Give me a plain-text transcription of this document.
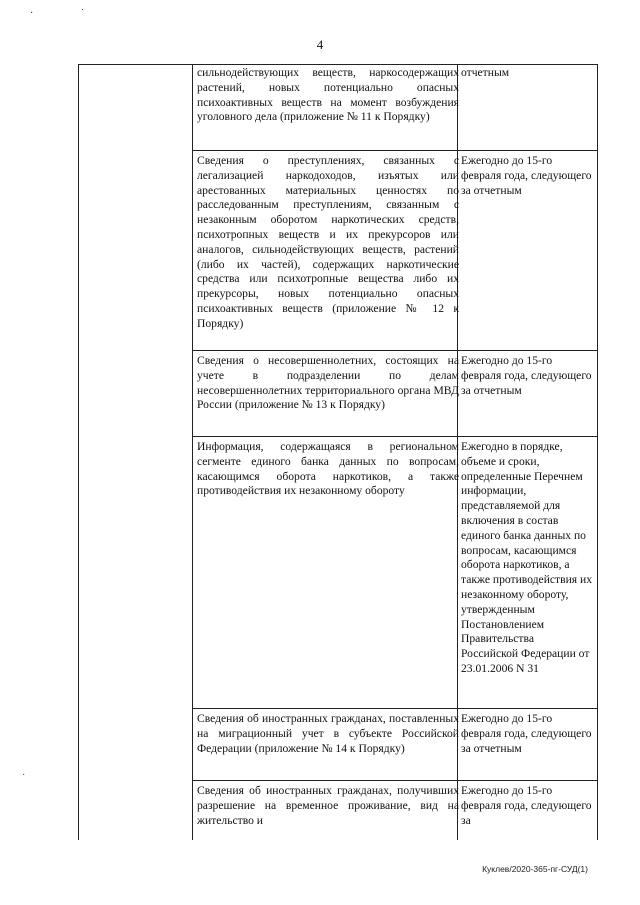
·                   ˙
4
сильнодействующих веществ, наркосодержащих растений, новых потенциально опасных психоактивных веществ на момент возбуждения уголовного дела (приложение № 11 к Порядку)
отчетным
Сведения о преступлениях, связанных с легализацией наркодоходов, изъятых или арестованных материальных ценностях по расследованным преступлениям, связанным с незаконным оборотом наркотических средств, психотропных веществ и их прекурсоров или аналогов, сильнодействующих веществ, растений (либо их частей), содержащих наркотические средства или психотропные вещества либо их прекурсоры, новых потенциально опасных психоактивных веществ (приложение № 12 к Порядку)
Ежегодно до 15-го февраля года, следующего за отчетным
Сведения о несовершеннолетних, состоящих на учете в подразделении по делам несовершеннолетних территориального органа МВД России (приложение № 13 к Порядку)
Ежегодно до 15-го февраля года, следующего за отчетным
Информация, содержащаяся в региональном сегменте единого банка данных по вопросам, касающимся оборота наркотиков, а также противодействия их незаконному обороту
Ежегодно в порядке, объеме и сроки, определенные Перечнем информации, представляемой для включения в состав единого банка данных по вопросам, касающимся оборота наркотиков, а также противодействия их незаконному обороту, утвержденным Постановлением Правительства Российской Федерации от 23.01.2006 N 31
Сведения об иностранных гражданах, поставленных на миграционный учет в субъекте Российской Федерации (приложение № 14 к Порядку)
Ежегодно до 15-го февраля года, следующего за отчетным
Сведения об иностранных гражданах, получивших разрешение на временное проживание, вид на жительство и
Ежегодно до 15-го февраля года, следующего за
·
Куклев/2020-365-пг-СУД(1)
